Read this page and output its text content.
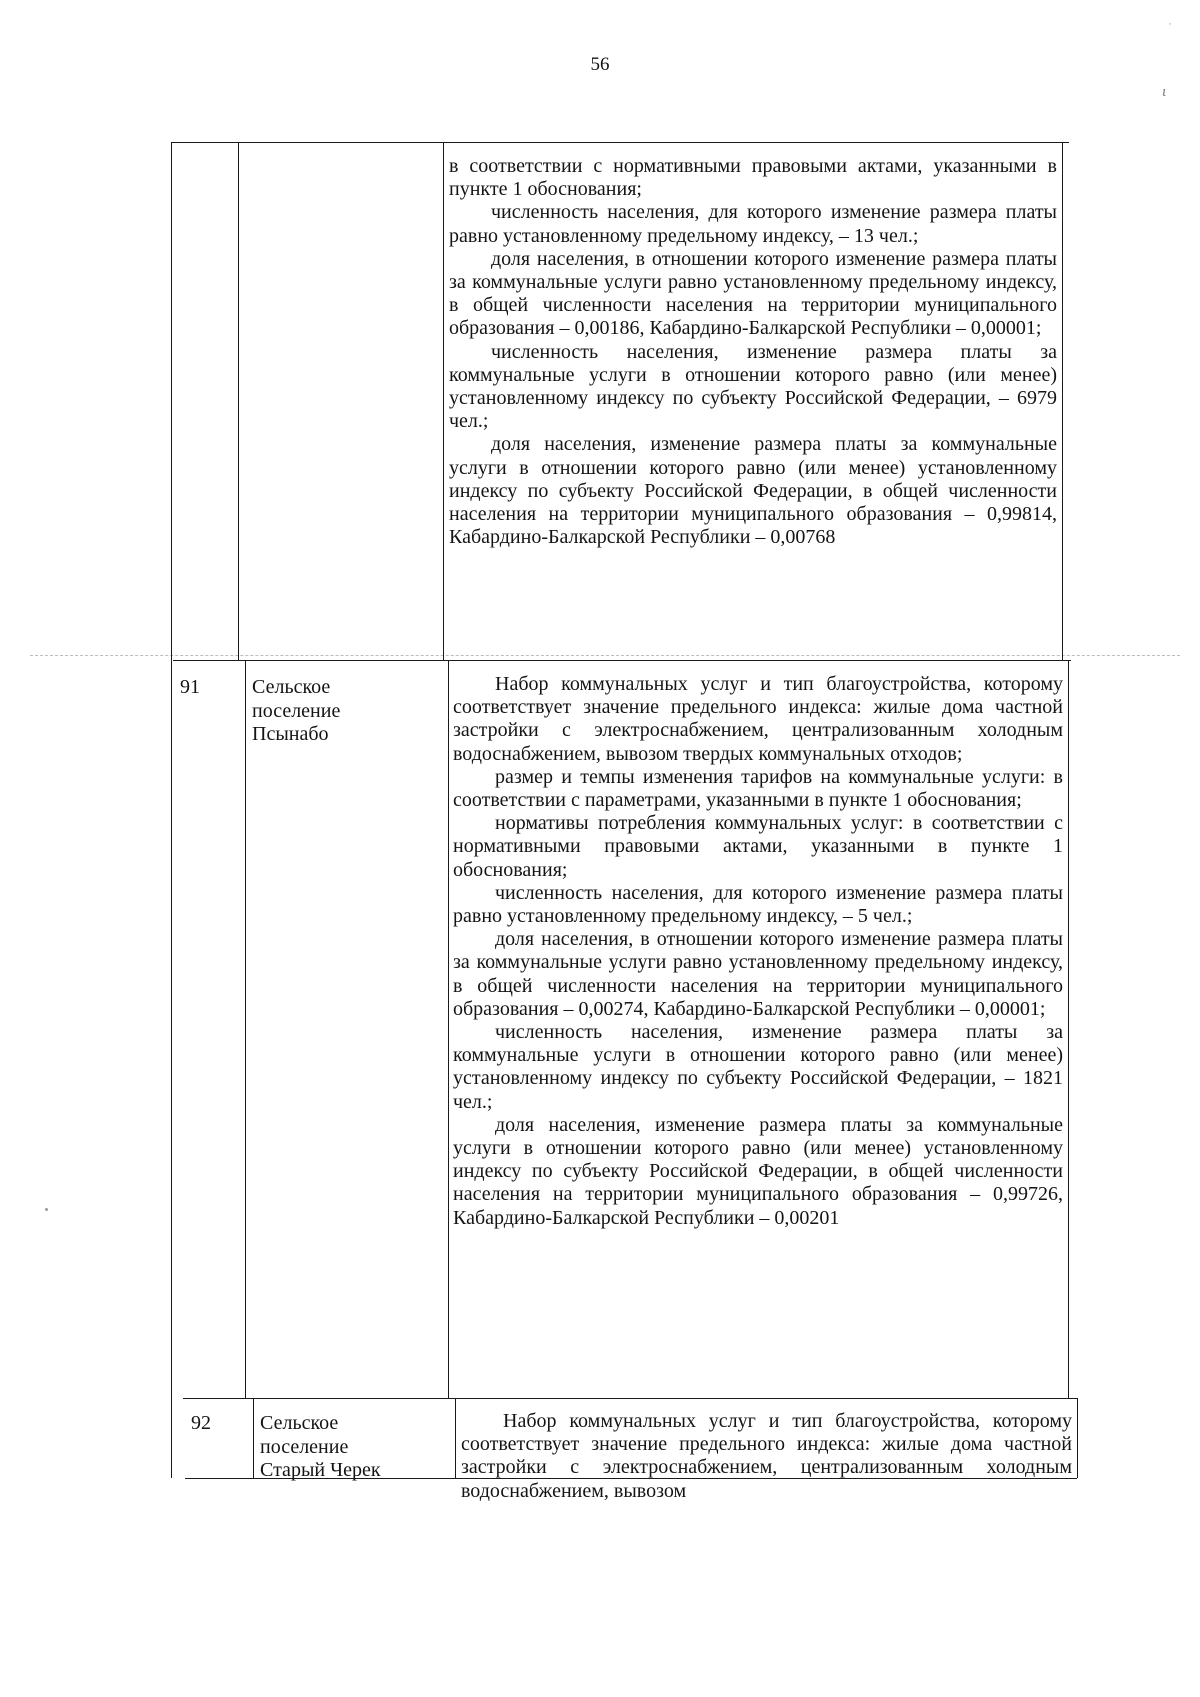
56
˙
ɩ

в соответствии с нормативными правовыми актами, указанными в пункте 1 обоснования;

численность населения, для которого изменение размера платы равно установленному предельному индексу, – 13 чел.;

доля населения, в отношении которого изменение размера платы за коммунальные услуги равно установленному предельному индексу, в общей численности населения на территории муниципального образования – 0,00186, Кабардино-Балкарской Республики – 0,00001;

численность населения, изменение размера платы за коммунальные услуги в отношении которого равно (или менее) установленному индексу по субъекту Российской Федерации, – 6979 чел.;

доля населения, изменение размера платы за коммунальные услуги в отношении которого равно (или менее) установленному индексу по субъекту Российской Федерации, в общей численности населения на территории муниципального образования – 0,99814, Кабардино-Балкарской Республики – 0,00768

91	Сельское
поселение
Псынабо

Набор коммунальных услуг и тип благоустройства, которому соответствует значение предельного индекса: жилые дома частной застройки с электроснабжением, централизованным холодным водоснабжением, вывозом твердых коммунальных отходов;

размер и темпы изменения тарифов на коммунальные услуги: в соответствии с параметрами, указанными в пункте 1 обоснования;

нормативы потребления коммунальных услуг: в соответствии с нормативными правовыми актами, указанными в пункте 1 обоснования;

численность населения, для которого изменение размера платы равно установленному предельному индексу, – 5 чел.;

доля населения, в отношении которого изменение размера платы за коммунальные услуги равно установленному предельному индексу, в общей численности населения на территории муниципального образования – 0,00274, Кабардино-Балкарской Республики – 0,00001;

численность населения, изменение размера платы за коммунальные услуги в отношении которого равно (или менее) установленному индексу по субъекту Российской Федерации, – 1821 чел.;

доля населения, изменение размера платы за коммунальные услуги в отношении которого равно (или менее) установленному индексу по субъекту Российской Федерации, в общей численности населения на территории муниципального образования – 0,99726, Кабардино-Балкарской Республики – 0,00201

92 Сельское
поселение
Старый Черек

Набор коммунальных услуг и тип благоустройства, которому соответствует значение предельного индекса: жилые дома частной застройки с электроснабжением, централизованным холодным водоснабжением, вывозом
